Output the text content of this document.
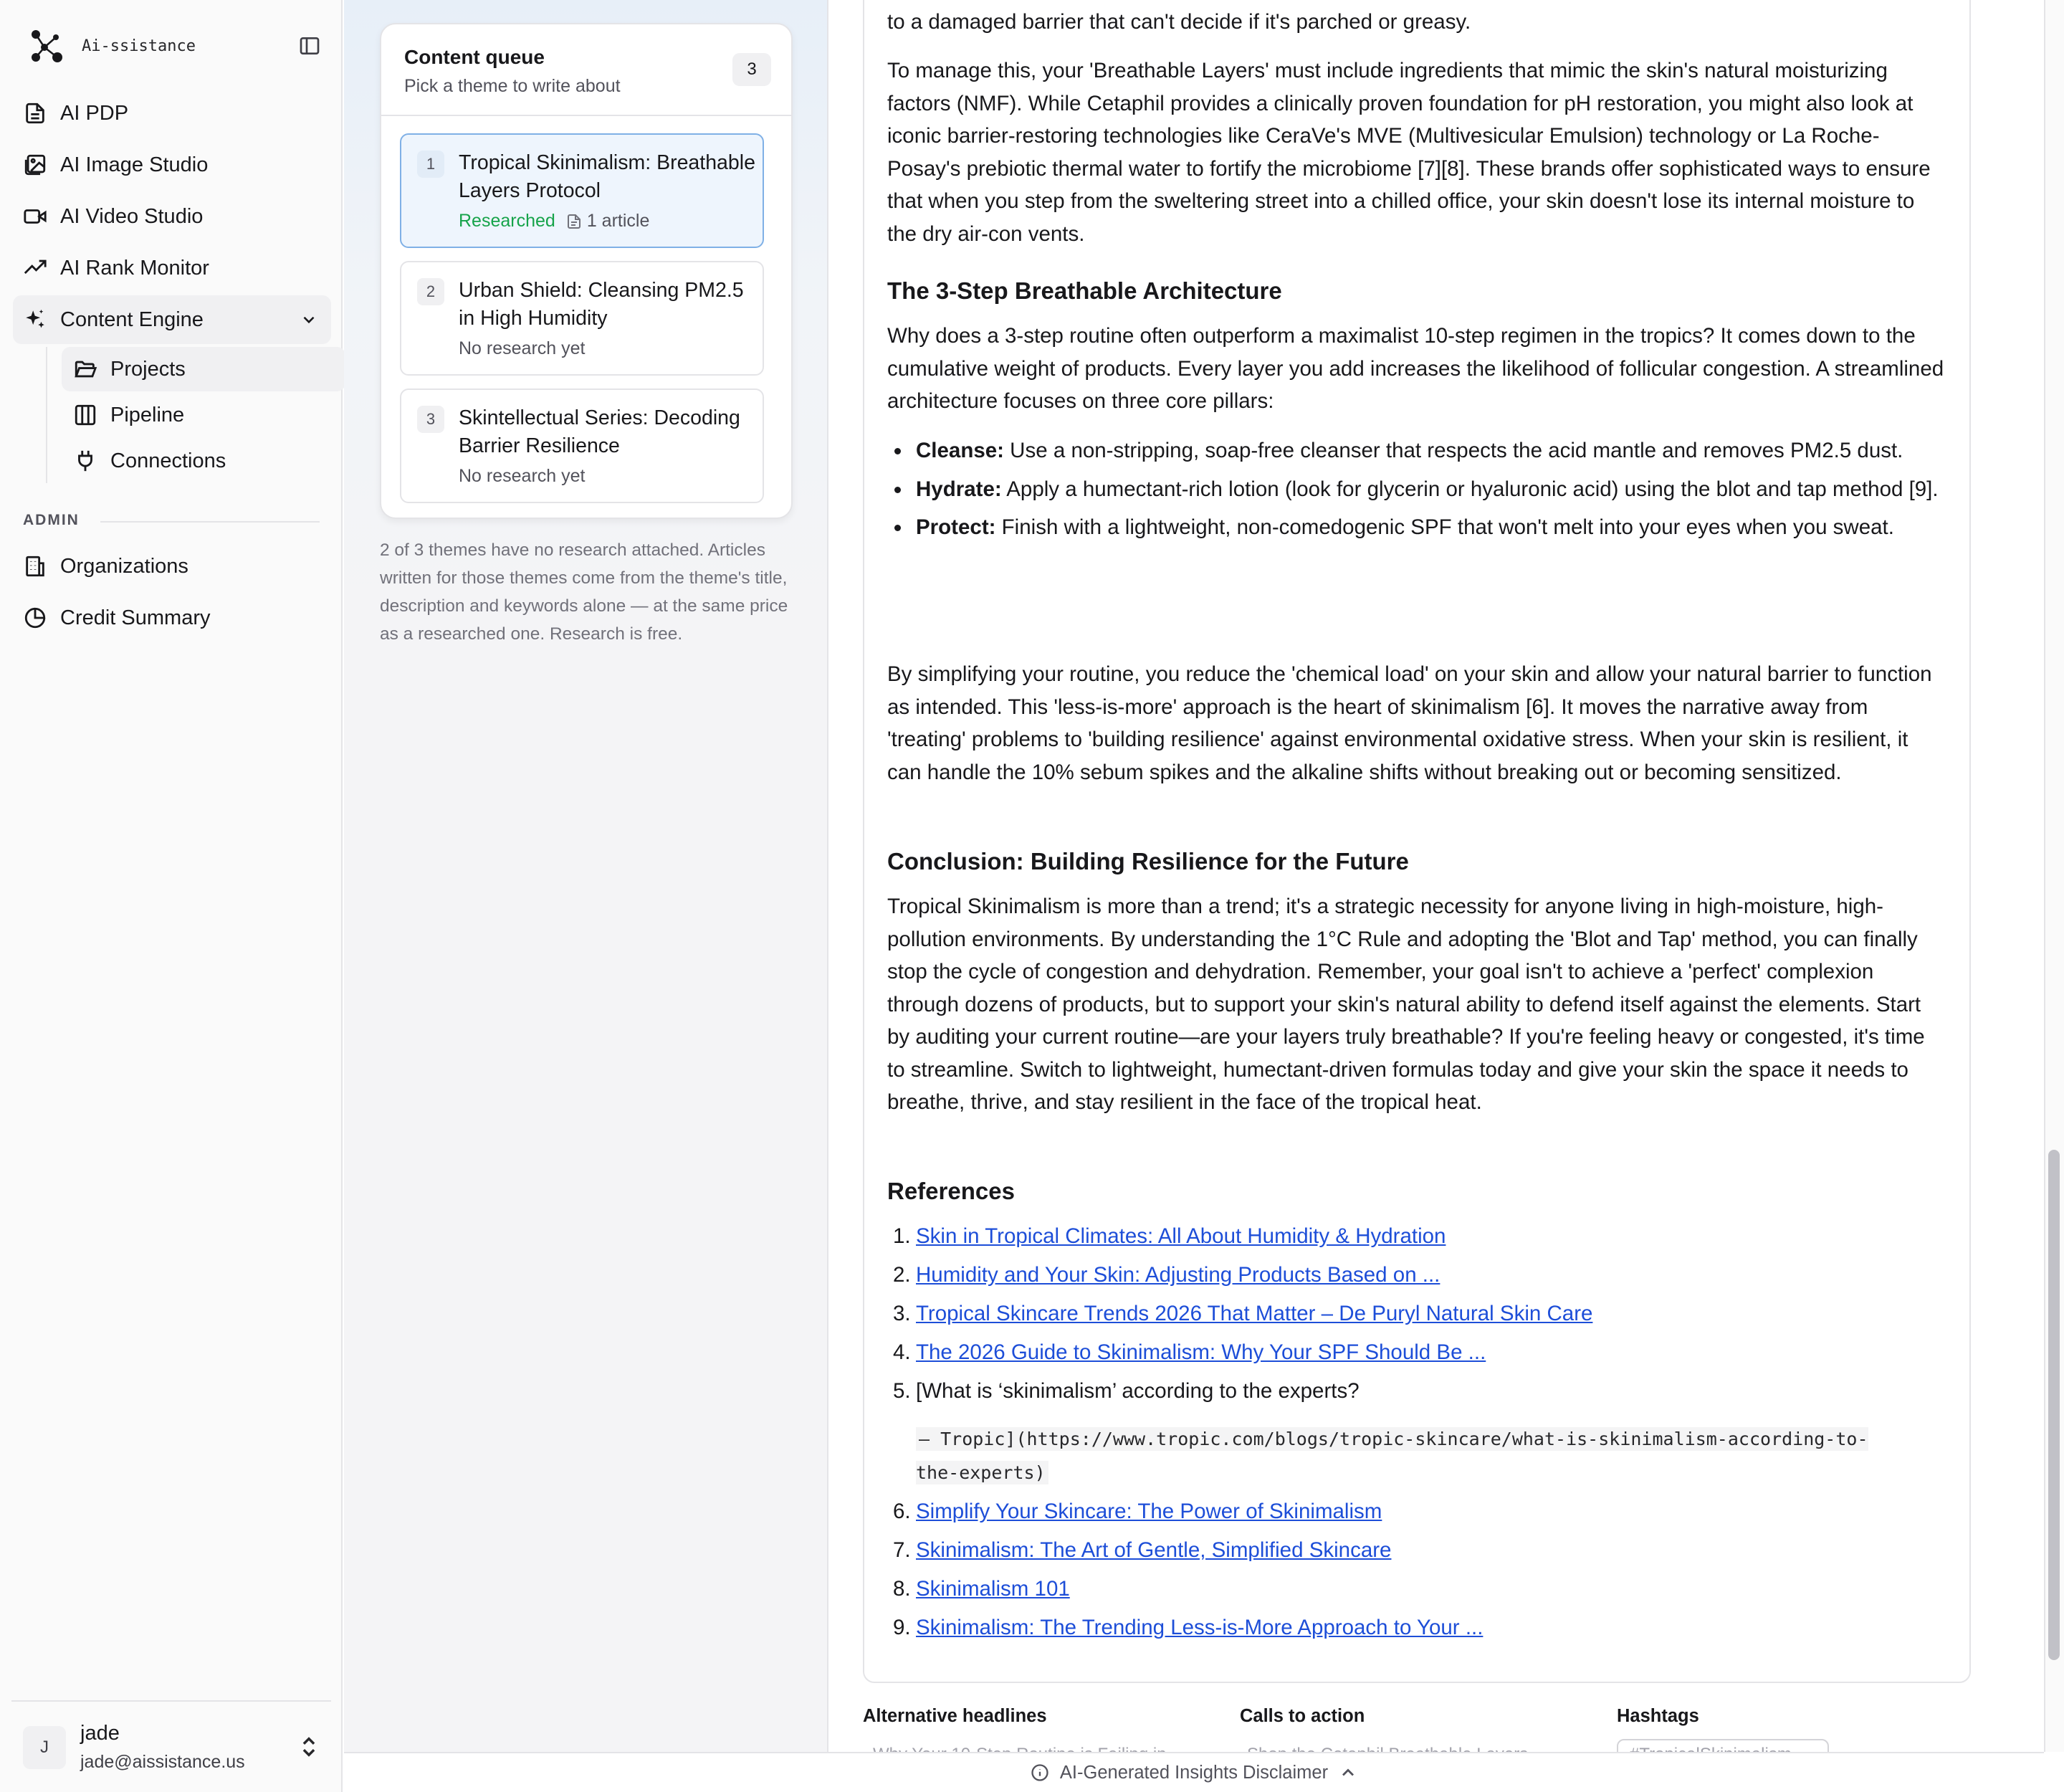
Ai-ssistance
AI PDP
AI Image Studio
AI Video Studio
AI Rank Monitor
Content Engine
Projects
Pipeline
Connections
ADMIN
Organizations
Credit Summary
J
jade
jade@aissistance.us
Content queue
Pick a theme to write about
3
1	Tropical Skinimalism: Breathable Layers Protocol
Researched 1 article
2	Urban Shield: Cleansing PM2.5 in High Humidity
No research yet
3	Skintellectual Series: Decoding Barrier Resilience
No research yet
2 of 3 themes have no research attached. Articles written for those themes come from the theme's title, description and keywords alone — at the same price as a researched one. Research is free.

to a damaged barrier that can't decide if it's parched or greasy.

To manage this, your 'Breathable Layers' must include ingredients that mimic the skin's natural moisturizing factors (NMF). While Cetaphil provides a clinically proven foundation for pH restoration, you might also look at iconic barrier-restoring technologies like CeraVe's MVE (Multivesicular Emulsion) technology or La Roche-Posay's prebiotic thermal water to fortify the microbiome [7][8]. These brands offer sophisticated ways to ensure that when you step from the sweltering street into a chilled office, your skin doesn't lose its internal moisture to the dry air-con vents.

The 3-Step Breathable Architecture

Why does a 3-step routine often outperform a maximalist 10-step regimen in the tropics? It comes down to the cumulative weight of products. Every layer you add increases the likelihood of follicular congestion. A streamlined architecture focuses on three core pillars:

Cleanse: Use a non-stripping, soap-free cleanser that respects the acid mantle and removes PM2.5 dust.
Hydrate: Apply a humectant-rich lotion (look for glycerin or hyaluronic acid) using the blot and tap method [9].
Protect: Finish with a lightweight, non-comedogenic SPF that won't melt into your eyes when you sweat.

By simplifying your routine, you reduce the 'chemical load' on your skin and allow your natural barrier to function as intended. This 'less-is-more' approach is the heart of skinimalism [6]. It moves the narrative away from 'treating' problems to 'building resilience' against environmental oxidative stress. When your skin is resilient, it can handle the 10% sebum spikes and the alkaline shifts without breaking out or becoming sensitized.

Conclusion: Building Resilience for the Future

Tropical Skinimalism is more than a trend; it's a strategic necessity for anyone living in high-moisture, high-pollution environments. By understanding the 1°C Rule and adopting the 'Blot and Tap' method, you can finally stop the cycle of congestion and dehydration. Remember, your goal isn't to achieve a 'perfect' complexion through dozens of products, but to support your skin's natural ability to defend itself against the elements. Start by auditing your current routine—are your layers truly breathable? If you're feeling heavy or congested, it's time to streamline. Switch to lightweight, humectant-driven formulas today and give your skin the space it needs to breathe, thrive, and stay resilient in the face of the tropical heat.

References
1. Skin in Tropical Climates: All About Humidity & Hydration
2. Humidity and Your Skin: Adjusting Products Based on ...
3. Tropical Skincare Trends 2026 That Matter – De Puryl Natural Skin Care
4. The 2026 Guide to Skinimalism: Why Your SPF Should Be ...
5. [What is ‘skinimalism’ according to the experts?
– Tropic](https://www.tropic.com/blogs/tropic-skincare/what-is-skinimalism-according-to-the-experts)
6. Simplify Your Skincare: The Power of Skinimalism
7. Skinimalism: The Art of Gentle, Simplified Skincare
8. Skinimalism 101
9. Skinimalism: The Trending Less-is-More Approach to Your ...
Alternative headlines	Calls to action	Hashtags
AI-Generated Insights Disclaimer
